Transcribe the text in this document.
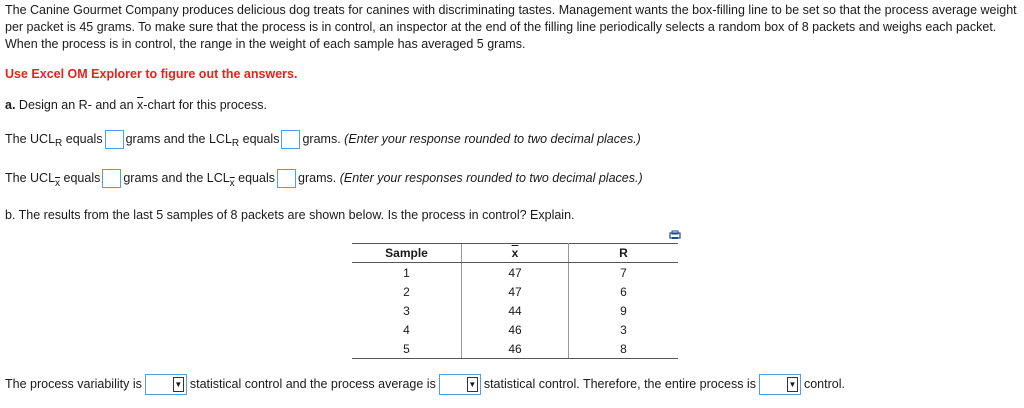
The Canine Gourmet Company produces delicious dog treats for canines with discriminating tastes. Management wants the box-filling line to be set so that the process average weight per packet is 45 grams. To make sure that the process is in control, an inspector at the end of the filling line periodically selects a random box of 8 packets and weighs each packet. When the process is in control, the range in the weight of each sample has averaged 5 grams.
Use Excel OM Explorer to figure out the answers.
a. Design an R- and an $\overline{x}$-chart for this process.
The $UCL_R$ equals grams and the $LCL_R$ equals grams. (Enter your response rounded to two decimal places.)
The $UCL_{\overline{x}}$ equals grams and the $LCL_{\overline{x}}$ equals grams. (Enter your responses rounded to two decimal places.)
b. The results from the last 5 samples of 8 packets are shown below. Is the process in control? Explain.
Sample	$\overline{x}$	R
1	47	7
2	47	6
3	44	9
4	46	3
5	46	8
The process variability is	▼ statistical control and the process average is	▼ statistical control. Therefore, the entire process is	▼ control.
